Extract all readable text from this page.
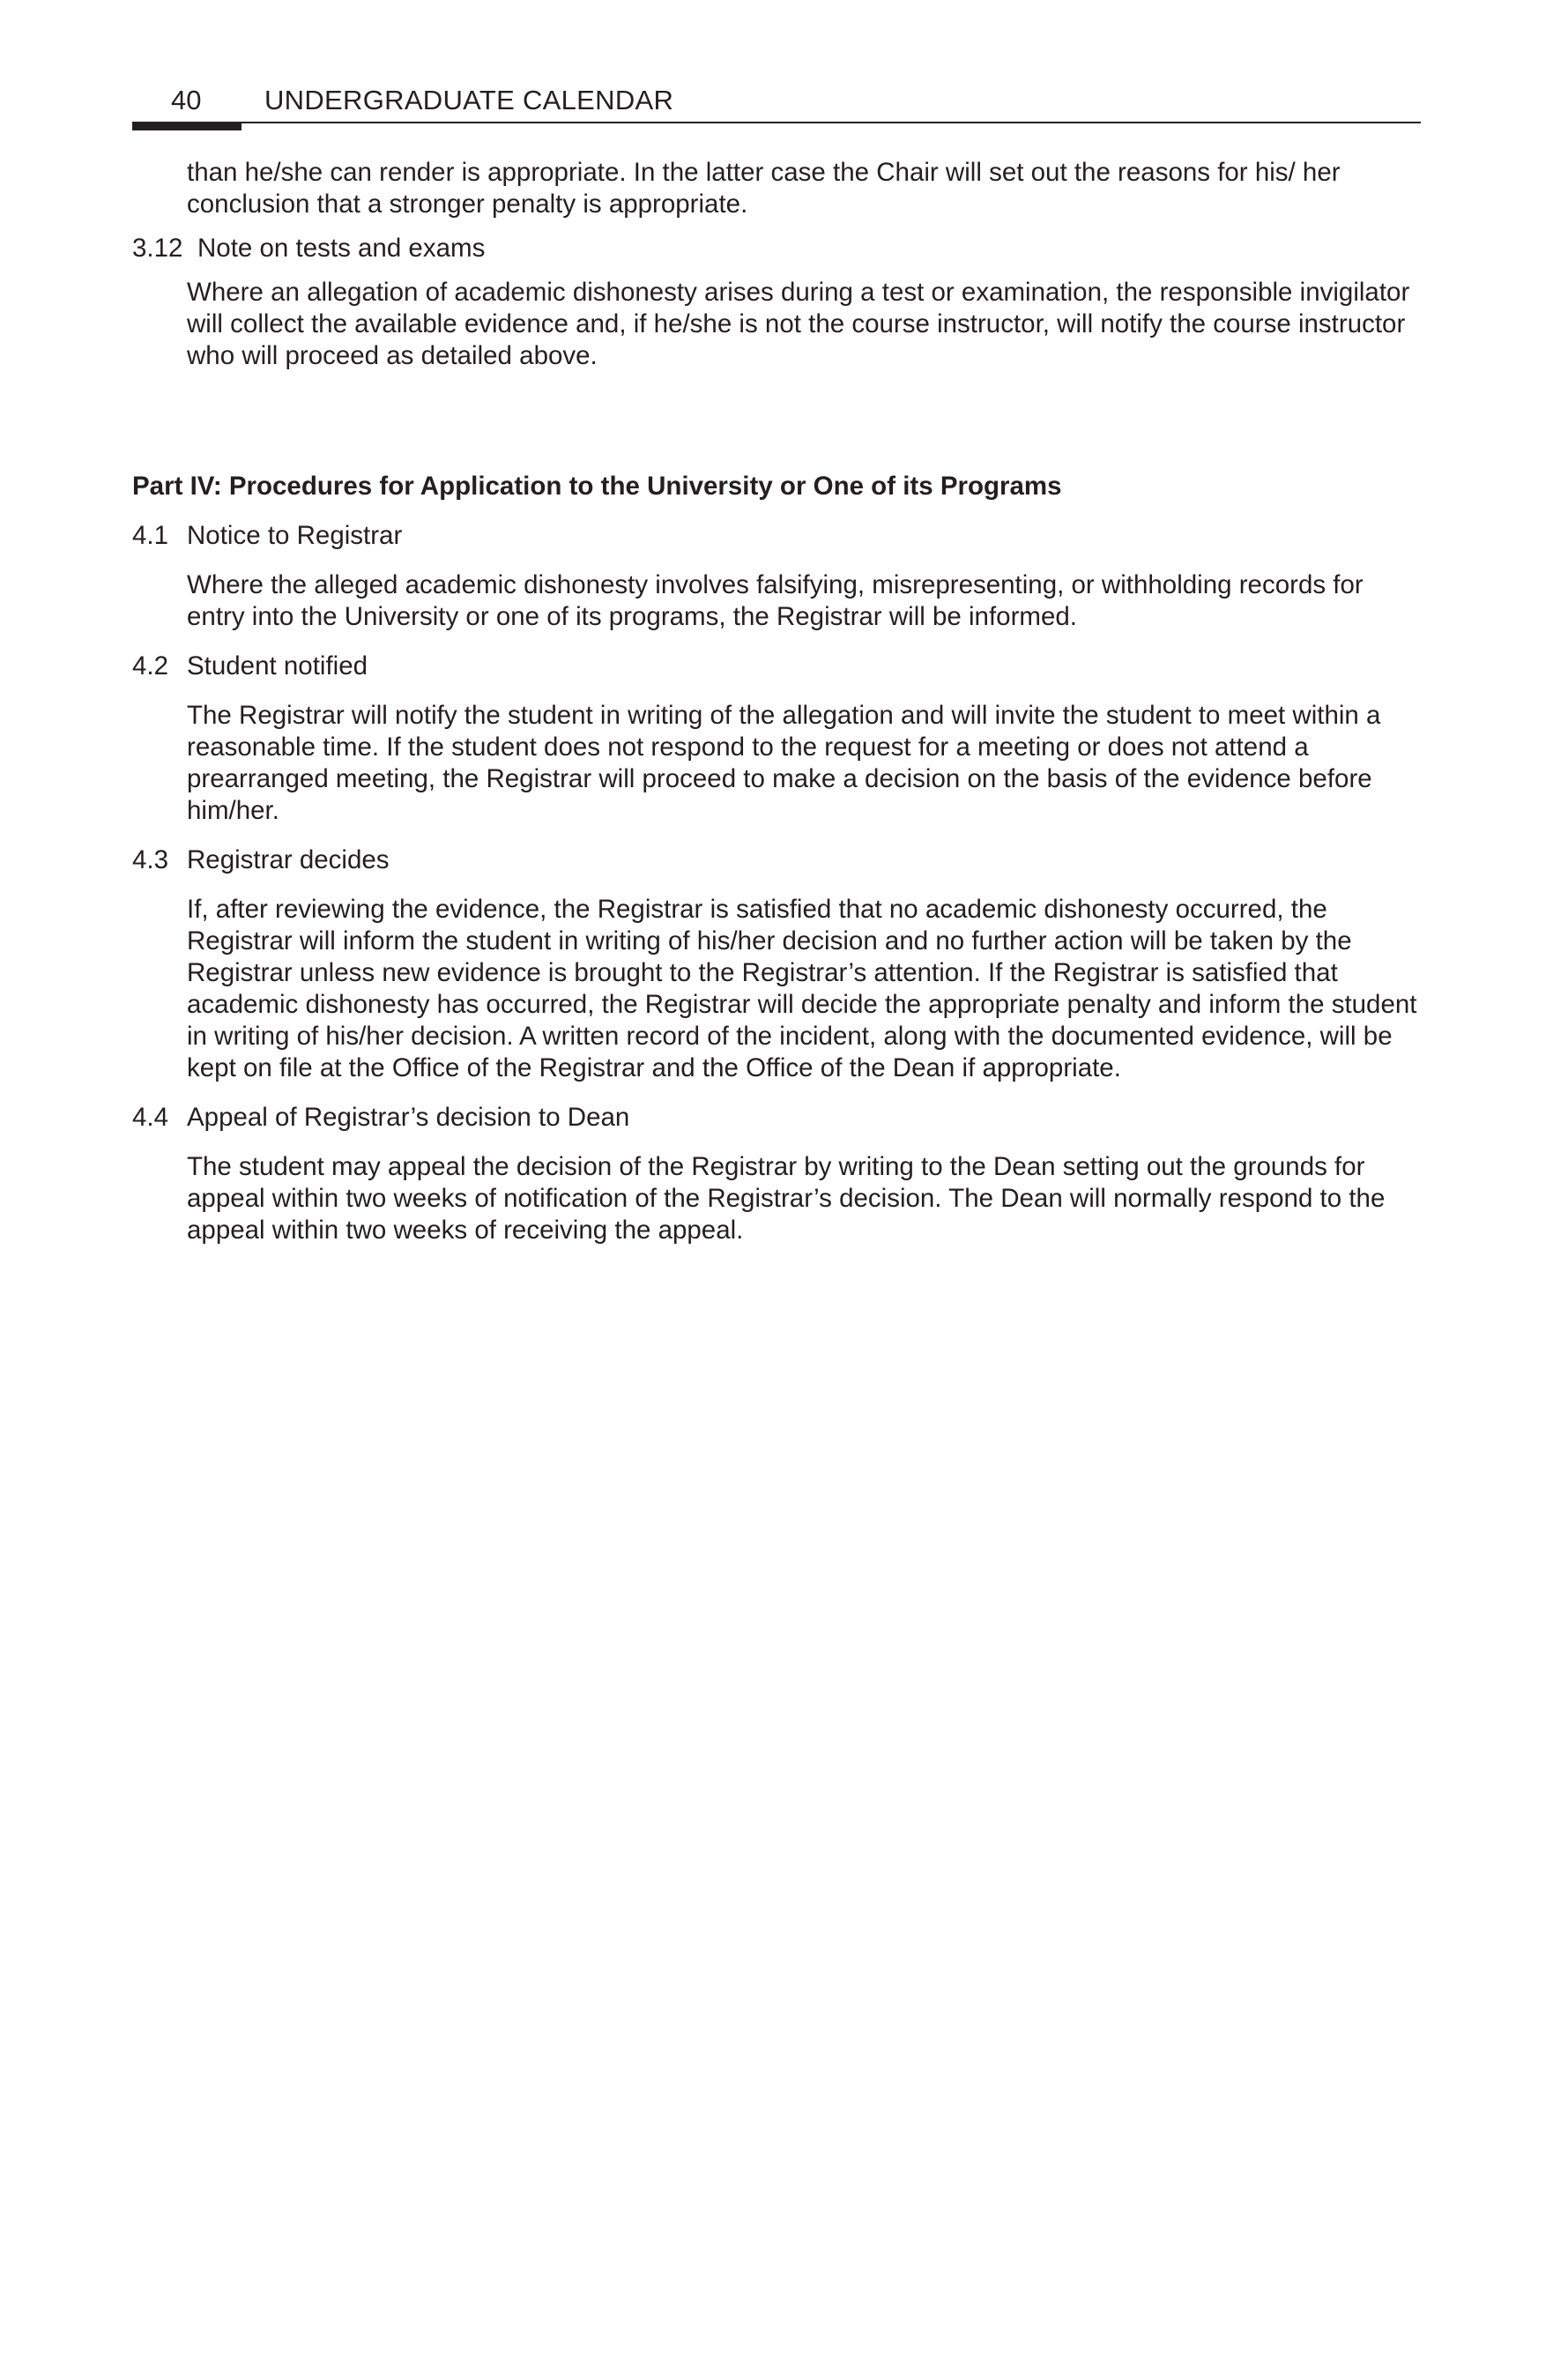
40 UNDERGRADUATE CALENDAR

than he/she can render is appropriate. In the latter case the Chair will set out the reasons for his/ her conclusion that a stronger penalty is appropriate.

3.12 Note on tests and exams

Where an allegation of academic dishonesty arises during a test or examination, the responsible invigilator will collect the available evidence and, if he/she is not the course instructor, will notify the course instructor who will proceed as detailed above.

Part IV: Procedures for Application to the University or One of its Programs

4.1 Notice to Registrar

Where the alleged academic dishonesty involves falsifying, misrepresenting, or withholding records for entry into the University or one of its programs, the Registrar will be informed.

4.2 Student notified

The Registrar will notify the student in writing of the allegation and will invite the student to meet within a reasonable time. If the student does not respond to the request for a meeting or does not attend a prearranged meeting, the Registrar will proceed to make a decision on the basis of the evidence before him/her.

4.3 Registrar decides

If, after reviewing the evidence, the Registrar is satisfied that no academic dishonesty occurred, the Registrar will inform the student in writing of his/her decision and no further action will be taken by the Registrar unless new evidence is brought to the Registrar’s attention. If the Registrar is satisfied that academic dishonesty has occurred, the Registrar will decide the appropriate penalty and inform the student in writing of his/her decision. A written record of the incident, along with the documented evidence, will be kept on file at the Office of the Registrar and the Office of the Dean if appropriate.

4.4 Appeal of Registrar’s decision to Dean

The student may appeal the decision of the Registrar by writing to the Dean setting out the grounds for appeal within two weeks of notification of the Registrar’s decision. The Dean will normally respond to the appeal within two weeks of receiving the appeal.
